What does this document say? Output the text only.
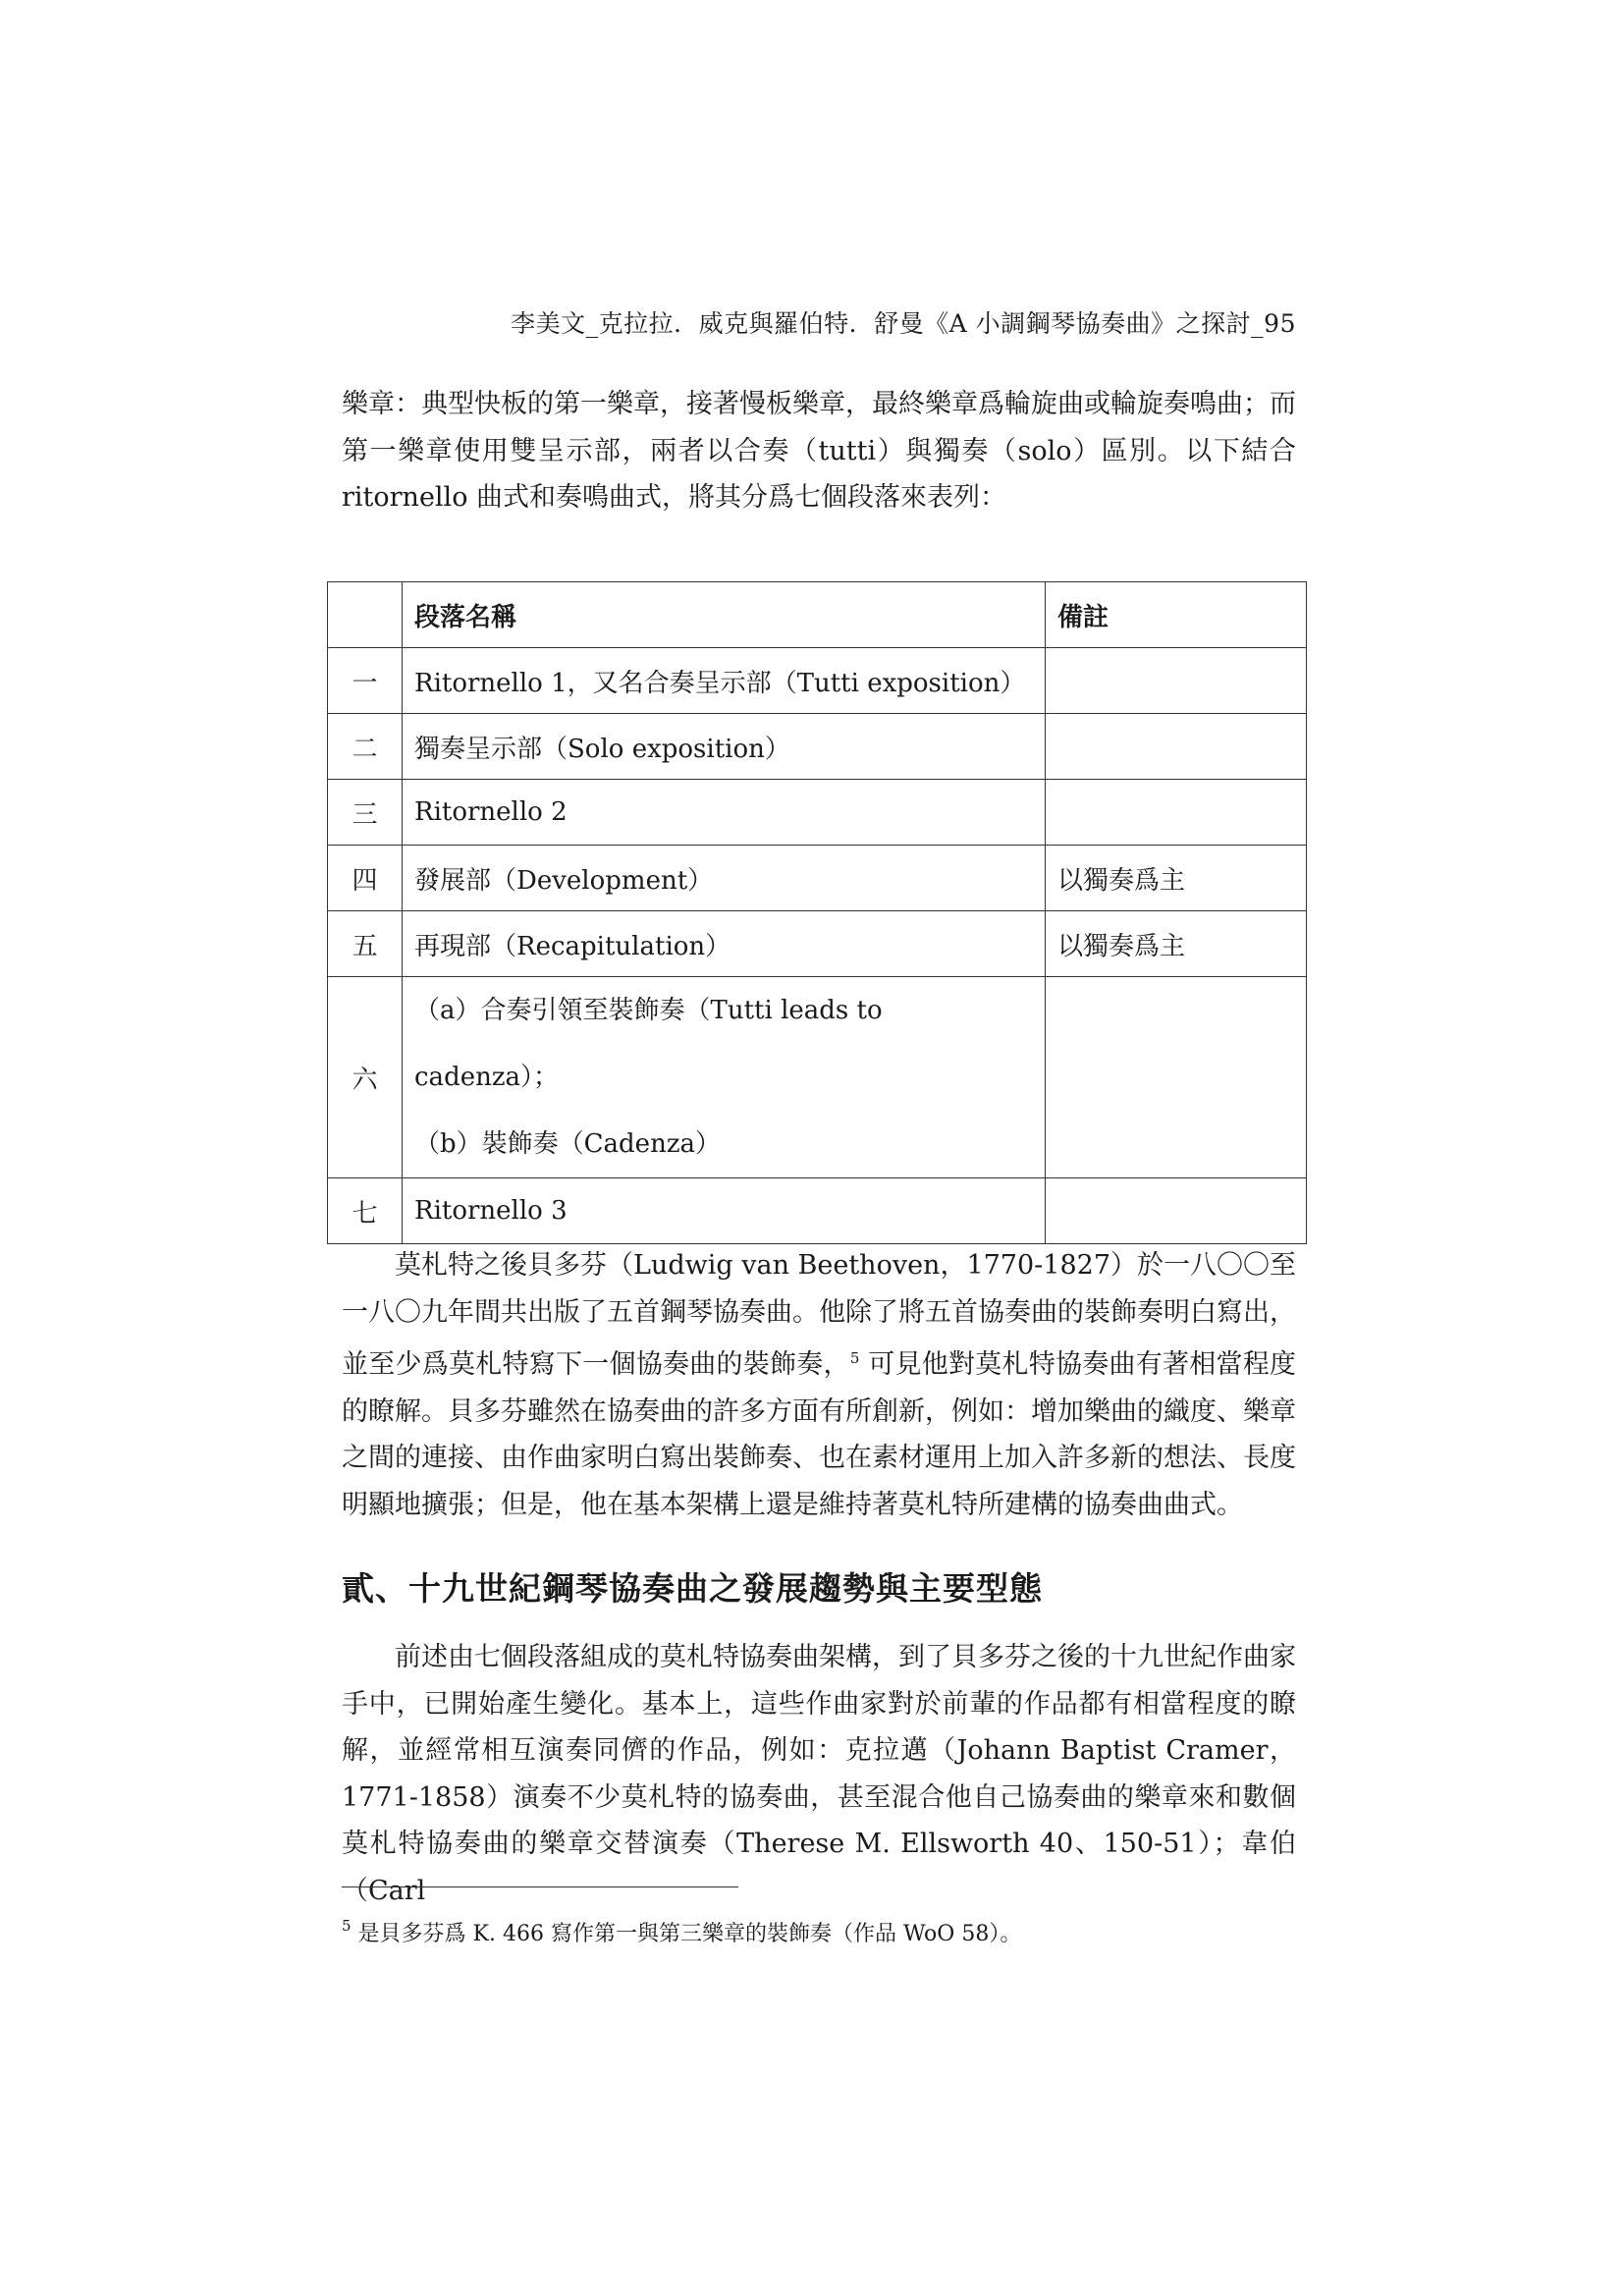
李美文_克拉拉．威克與羅伯特．舒曼《A 小調鋼琴協奏曲》之探討_95
樂章：典型快板的第一樂章，接著慢板樂章，最終樂章爲輪旋曲或輪旋奏鳴曲；而第一樂章使用雙呈示部，兩者以合奏（tutti）與獨奏（solo）區別。以下結合 ritornello 曲式和奏鳴曲式，將其分爲七個段落來表列：
	段落名稱	備註
一	Ritornello 1，又名合奏呈示部（Tutti exposition）	
二	獨奏呈示部（Solo exposition）	
三	Ritornello 2	
四	發展部（Development）	以獨奏爲主
五	再現部（Recapitulation）	以獨奏爲主
六	（a）合奏引領至裝飾奏（Tutti leads to cadenza）；
（b）裝飾奏（Cadenza）	

七	Ritornello 3	
莫札特之後貝多芬（Ludwig van Beethoven，1770-1827）於一八〇〇至一八〇九年間共出版了五首鋼琴協奏曲。他除了將五首協奏曲的裝飾奏明白寫出，並至少爲莫札特寫下一個協奏曲的裝飾奏，$^5$ 可見他對莫札特協奏曲有著相當程度的瞭解。貝多芬雖然在協奏曲的許多方面有所創新，例如：增加樂曲的織度、樂章之間的連接、由作曲家明白寫出裝飾奏、也在素材運用上加入許多新的想法、長度明顯地擴張；但是，他在基本架構上還是維持著莫札特所建構的協奏曲曲式。
貳、十九世紀鋼琴協奏曲之發展趨勢與主要型態
前述由七個段落組成的莫札特協奏曲架構，到了貝多芬之後的十九世紀作曲家手中，已開始產生變化。基本上，這些作曲家對於前輩的作品都有相當程度的瞭解，並經常相互演奏同儕的作品，例如：克拉邁（Johann Baptist Cramer，1771-1858）演奏不少莫札特的協奏曲，甚至混合他自己協奏曲的樂章來和數個莫札特協奏曲的樂章交替演奏（Therese M. Ellsworth 40、150-51）；韋伯（Carl
$^5$ 是貝多芬爲 K. 466 寫作第一與第三樂章的裝飾奏（作品 WoO 58）。
